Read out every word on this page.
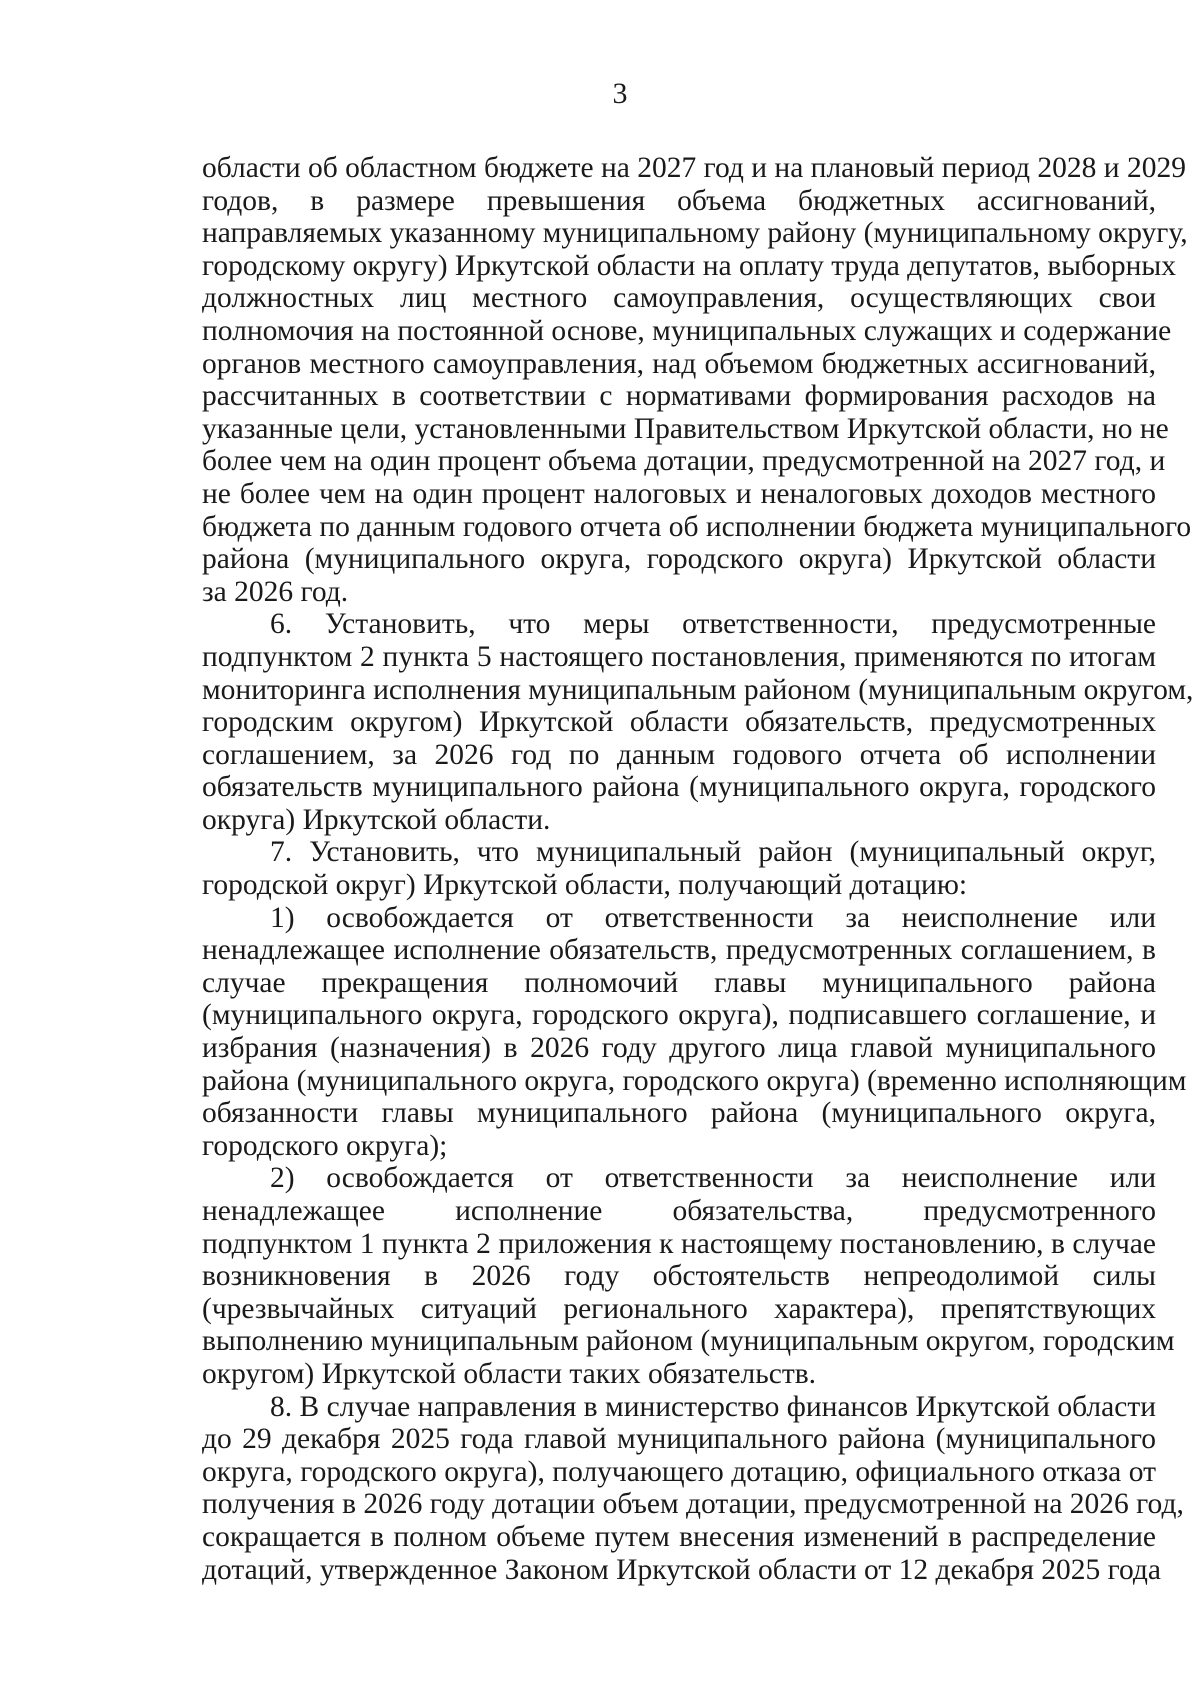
3
области об областном бюджете на 2027 год и на плановый период 2028 и 2029
годов, в размере превышения объема бюджетных ассигнований,
направляемых указанному муниципальному району (муниципальному округу,
городскому округу) Иркутской области на оплату труда депутатов, выборных
должностных лиц местного самоуправления, осуществляющих свои
полномочия на постоянной основе, муниципальных служащих и содержание
органов местного самоуправления, над объемом бюджетных ассигнований,
рассчитанных в соответствии с нормативами формирования расходов на
указанные цели, установленными Правительством Иркутской области, но не
более чем на один процент объема дотации, предусмотренной на 2027 год, и
не более чем на один процент налоговых и неналоговых доходов местного
бюджета по данным годового отчета об исполнении бюджета муниципального
района (муниципального округа, городского округа) Иркутской области
за 2026 год.
6. Установить, что меры ответственности, предусмотренные
подпунктом 2 пункта 5 настоящего постановления, применяются по итогам
мониторинга исполнения муниципальным районом (муниципальным округом,
городским округом) Иркутской области обязательств, предусмотренных
соглашением, за 2026 год по данным годового отчета об исполнении
обязательств муниципального района (муниципального округа, городского
округа) Иркутской области.
7. Установить, что муниципальный район (муниципальный округ,
городской округ) Иркутской области, получающий дотацию:
1) освобождается от ответственности за неисполнение или
ненадлежащее исполнение обязательств, предусмотренных соглашением, в
случае прекращения полномочий главы муниципального района
(муниципального округа, городского округа), подписавшего соглашение, и
избрания (назначения) в 2026 году другого лица главой муниципального
района (муниципального округа, городского округа) (временно исполняющим
обязанности главы муниципального района (муниципального округа,
городского округа);
2) освобождается от ответственности за неисполнение или
ненадлежащее исполнение обязательства, предусмотренного
подпунктом 1 пункта 2 приложения к настоящему постановлению, в случае
возникновения в 2026 году обстоятельств непреодолимой силы
(чрезвычайных ситуаций регионального характера), препятствующих
выполнению муниципальным районом (муниципальным округом, городским
округом) Иркутской области таких обязательств.
8. В случае направления в министерство финансов Иркутской области
до 29 декабря 2025 года главой муниципального района (муниципального
округа, городского округа), получающего дотацию, официального отказа от
получения в 2026 году дотации объем дотации, предусмотренной на 2026 год,
сокращается в полном объеме путем внесения изменений в распределение
дотаций, утвержденное Законом Иркутской области от 12 декабря 2025 года
